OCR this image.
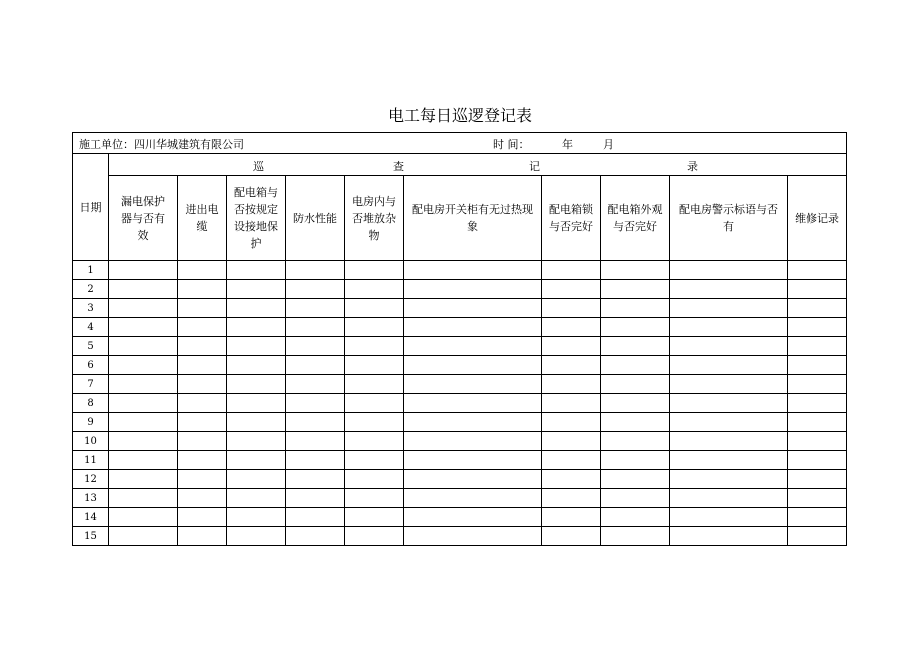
电工每日巡逻登记表
施工单位：四川华城建筑有限公司 时 间： 年 月										

日期	巡 查 记 录									

	漏电保护器与否有效	进出电缆	配电箱与否按规定设接地保护	防水性能	电房内与否堆放杂物	配电房开关柜有无过热现象	配电箱锁与否完好	配电箱外观与否完好	配电房警示标语与否有	维修记录
1										
2										
3										
4										
5										
6										
7										
8										
9										
10										
11										
12										
13										
14										
15										
